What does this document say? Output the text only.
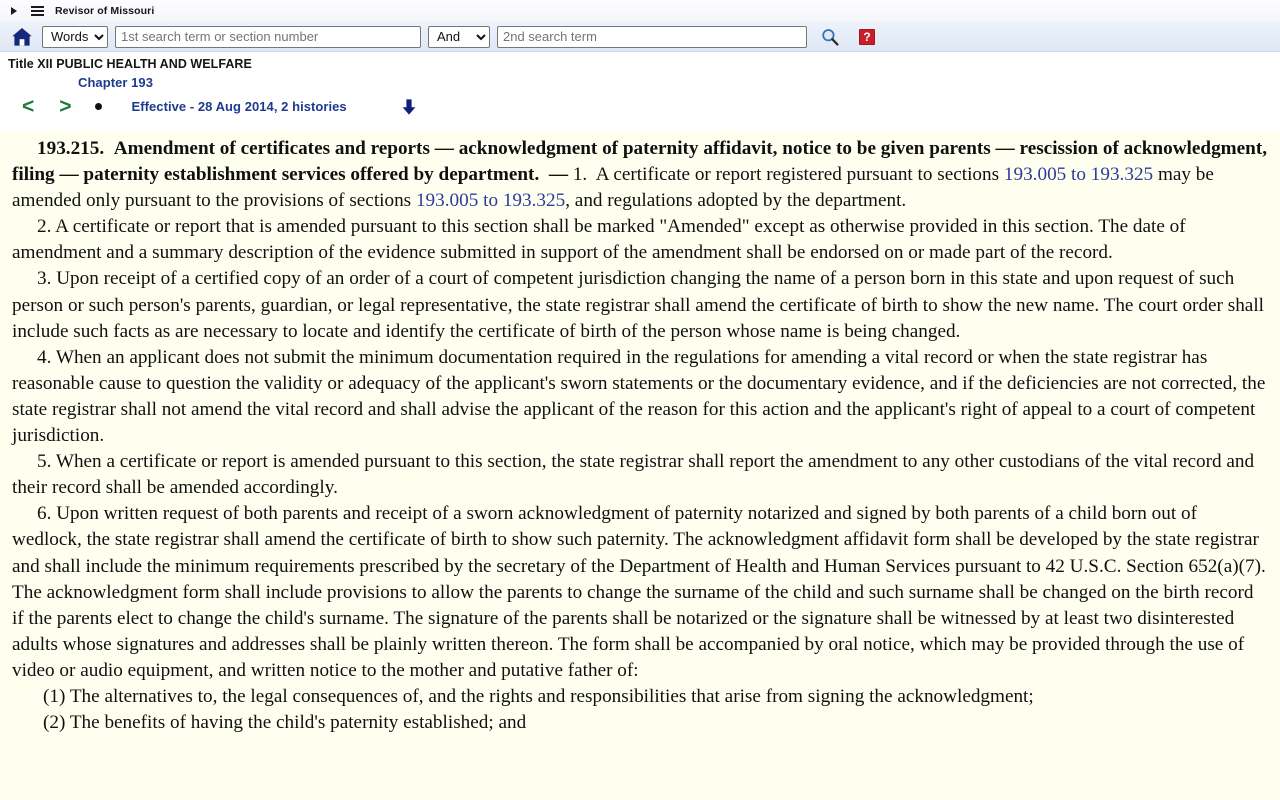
Revisor of Missouri
Words
1st search term or section number
And
2nd search term
?
Title XII PUBLIC HEALTH AND WELFARE
Chapter 193
< >	Effective - 28 Aug 2014, 2 histories

193.215. Amendment of certificates and reports — acknowledgment of paternity affidavit, notice to be given parents — rescission of acknowledgment, filing — paternity establishment services offered by department. — 1. A certificate or report registered pursuant to sections 193.005 to 193.325 may be amended only pursuant to the provisions of sections 193.005 to 193.325, and regulations adopted by the department.

2. A certificate or report that is amended pursuant to this section shall be marked "Amended" except as otherwise provided in this section. The date of amendment and a summary description of the evidence submitted in support of the amendment shall be endorsed on or made part of the record.

3. Upon receipt of a certified copy of an order of a court of competent jurisdiction changing the name of a person born in this state and upon request of such person or such person's parents, guardian, or legal representative, the state registrar shall amend the certificate of birth to show the new name. The court order shall include such facts as are necessary to locate and identify the certificate of birth of the person whose name is being changed.

4. When an applicant does not submit the minimum documentation required in the regulations for amending a vital record or when the state registrar has reasonable cause to question the validity or adequacy of the applicant's sworn statements or the documentary evidence, and if the deficiencies are not corrected, the state registrar shall not amend the vital record and shall advise the applicant of the reason for this action and the applicant's right of appeal to a court of competent jurisdiction.

5. When a certificate or report is amended pursuant to this section, the state registrar shall report the amendment to any other custodians of the vital record and their record shall be amended accordingly.

6. Upon written request of both parents and receipt of a sworn acknowledgment of paternity notarized and signed by both parents of a child born out of wedlock, the state registrar shall amend the certificate of birth to show such paternity. The acknowledgment affidavit form shall be developed by the state registrar and shall include the minimum requirements prescribed by the secretary of the Department of Health and Human Services pursuant to 42 U.S.C. Section 652(a)(7). The acknowledgment form shall include provisions to allow the parents to change the surname of the child and such surname shall be changed on the birth record if the parents elect to change the child's surname. The signature of the parents shall be notarized or the signature shall be witnessed by at least two disinterested adults whose signatures and addresses shall be plainly written thereon. The form shall be accompanied by oral notice, which may be provided through the use of video or audio equipment, and written notice to the mother and putative father of:

(1) The alternatives to, the legal consequences of, and the rights and responsibilities that arise from signing the acknowledgment;

(2) The benefits of having the child's paternity established; and
